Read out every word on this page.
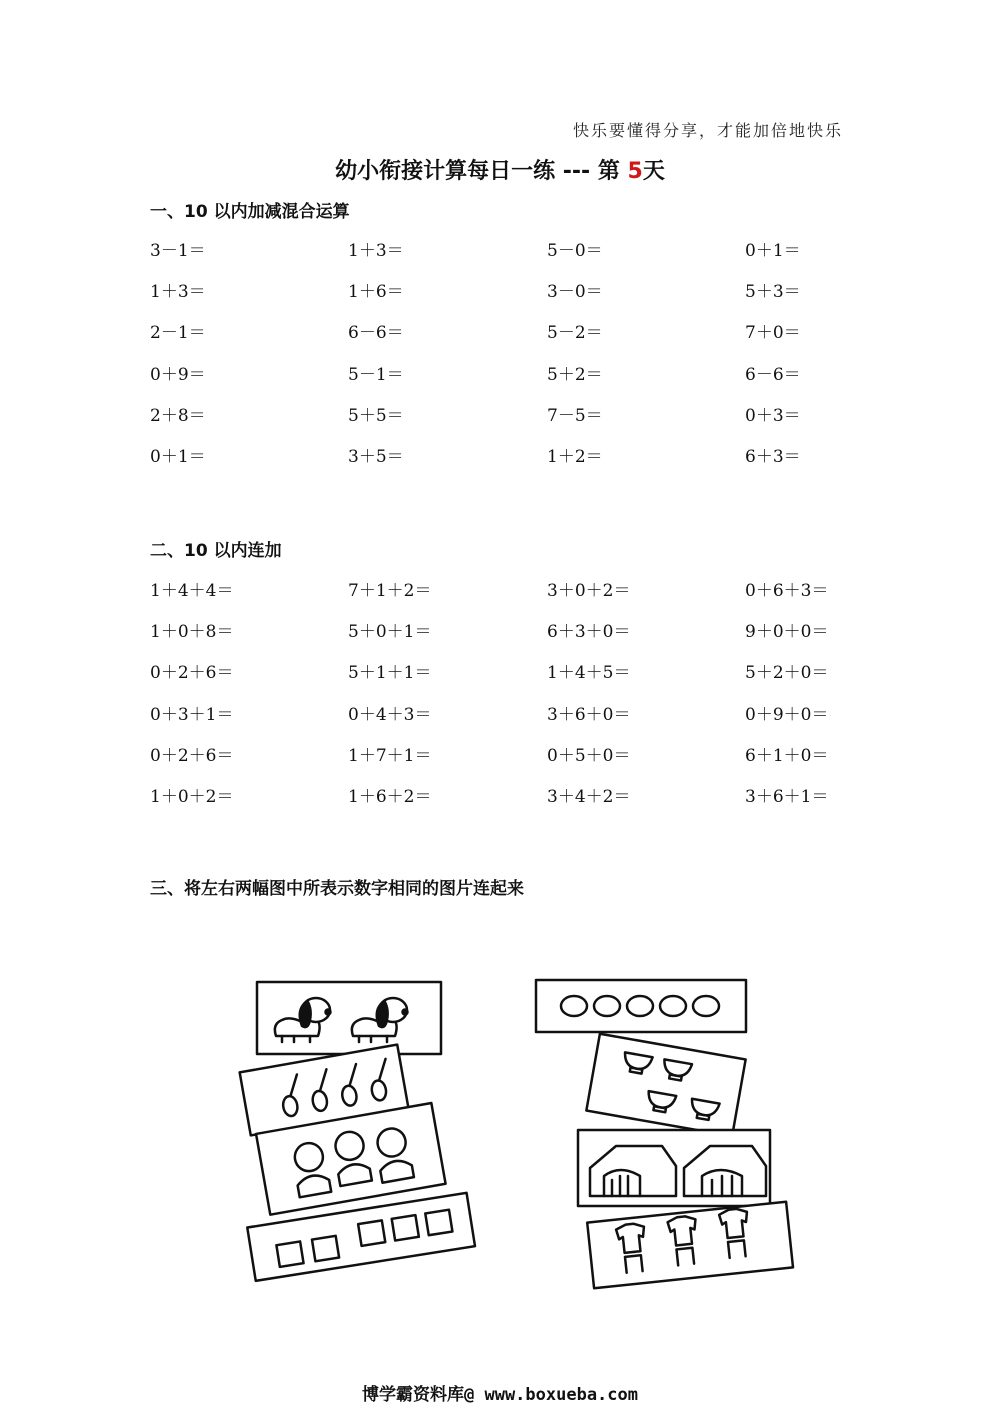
快乐要懂得分享，才能加倍地快乐
幼小衔接计算每日一练 --- 第 5天
一、10 以内加减混合运算
3－1＝	1＋3＝	5－0＝	0＋1＝
1＋3＝	1＋6＝	3－0＝	5＋3＝
2－1＝	6－6＝	5－2＝	7＋0＝
0＋9＝	5－1＝	5＋2＝	6－6＝
2＋8＝	5＋5＝	7－5＝	0＋3＝
0＋1＝	3＋5＝	1＋2＝	6＋3＝
二、10 以内连加
1＋4＋4＝	7＋1＋2＝	3＋0＋2＝	0＋6＋3＝
1＋0＋8＝	5＋0＋1＝	6＋3＋0＝	9＋0＋0＝
0＋2＋6＝	5＋1＋1＝	1＋4＋5＝	5＋2＋0＝
0＋3＋1＝	0＋4＋3＝	3＋6＋0＝	0＋9＋0＝
0＋2＋6＝	1＋7＋1＝	0＋5＋0＝	6＋1＋0＝
1＋0＋2＝	1＋6＋2＝	3＋4＋2＝	3＋6＋1＝
三、将左右两幅图中所表示数字相同的图片连起来
博学霸资料库@ www.boxueba.com
